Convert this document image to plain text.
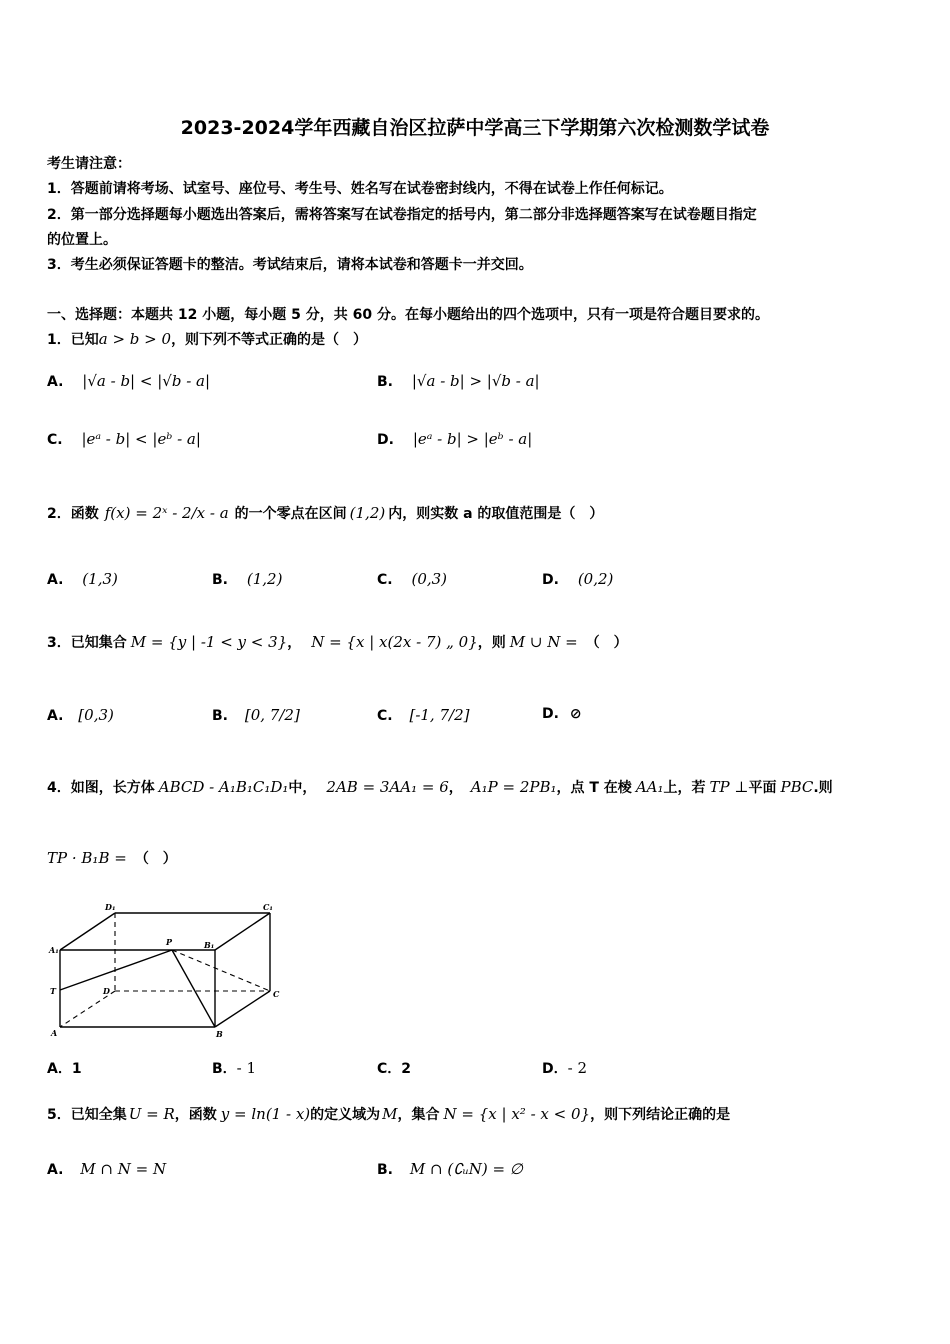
2023-2024学年西藏自治区拉萨中学高三下学期第六次检测数学试卷
考生请注意：
1．答题前请将考场、试室号、座位号、考生号、姓名写在试卷密封线内，不得在试卷上作任何标记。
2．第一部分选择题每小题选出答案后，需将答案写在试卷指定的括号内，第二部分非选择题答案写在试卷题目指定
的位置上。
3．考生必须保证答题卡的整洁。考试结束后，请将本试卷和答题卡一并交回。
一、选择题：本题共 12 小题，每小题 5 分，共 60 分。在每小题给出的四个选项中，只有一项是符合题目要求的。
1．已知a > b > 0，则下列不等式正确的是（　）
A. |√a - b| < |√b - a|	B. |√a - b| > |√b - a|
C. |eᵃ - b| < |eᵇ - a|	D. |eᵃ - b| > |eᵇ - a|
2．函数 f(x) = 2ˣ - 2/x - a 的一个零点在区间 (1,2) 内，则实数 a 的取值范围是（　）
A. (1,3)	B. (1,2)	C. (0,3)	D. (0,2)
3．已知集合 M = {y | -1 < y < 3}， N = {x | x(2x - 7) „ 0}，则 M ∪ N = （　）
A. [0,3)	B. [0, 7/2]	C. [-1, 7/2]	D. ⊘
4．如图，长方体 ABCD - A₁B₁C₁D₁中， 2AB = 3AA₁ = 6， A₁P = 2PB₁，点 T 在棱 AA₁上，若 TP ⊥平面 PBC.则
TP · B₁B = （　）
D₁	C₁
A₁
P	B₁
T	D	C
A	B
A．1	B．- 1	C．2	D．- 2
5．已知全集 U = R，函数 y = ln(1 - x)的定义域为 M，集合 N = {x | x² - x < 0}，则下列结论正确的是
A. M ∩ N = N	B. M ∩ (∁ᵤN) = ∅
